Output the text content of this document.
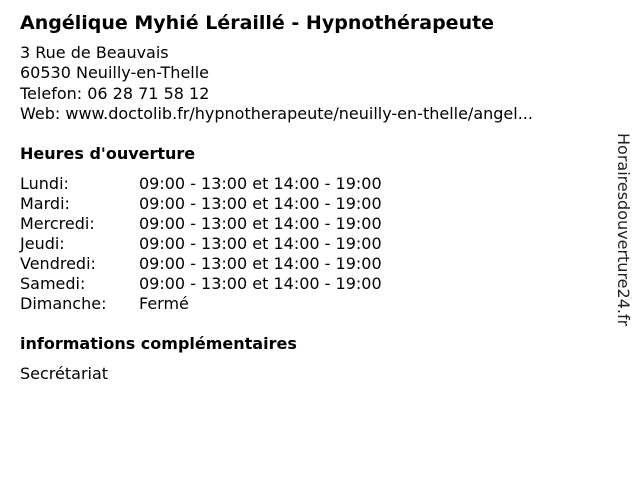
Angélique Myhié Léraillé - Hypnothérapeute
3 Rue de Beauvais
60530 Neuilly-en-Thelle
Telefon: 06 28 71 58 12
Web: www.doctolib.fr/hypnotherapeute/neuilly-en-thelle/angel...
Heures d'ouverture
Lundi:	09:00 - 13:00 et 14:00 - 19:00
Mardi:	09:00 - 13:00 et 14:00 - 19:00
Mercredi:	09:00 - 13:00 et 14:00 - 19:00
Jeudi:	09:00 - 13:00 et 14:00 - 19:00
Vendredi:	09:00 - 13:00 et 14:00 - 19:00
Samedi:	09:00 - 13:00 et 14:00 - 19:00
Dimanche: Fermé
informations complémentaires
Secrétariat
Horairesdouverture24.fr
